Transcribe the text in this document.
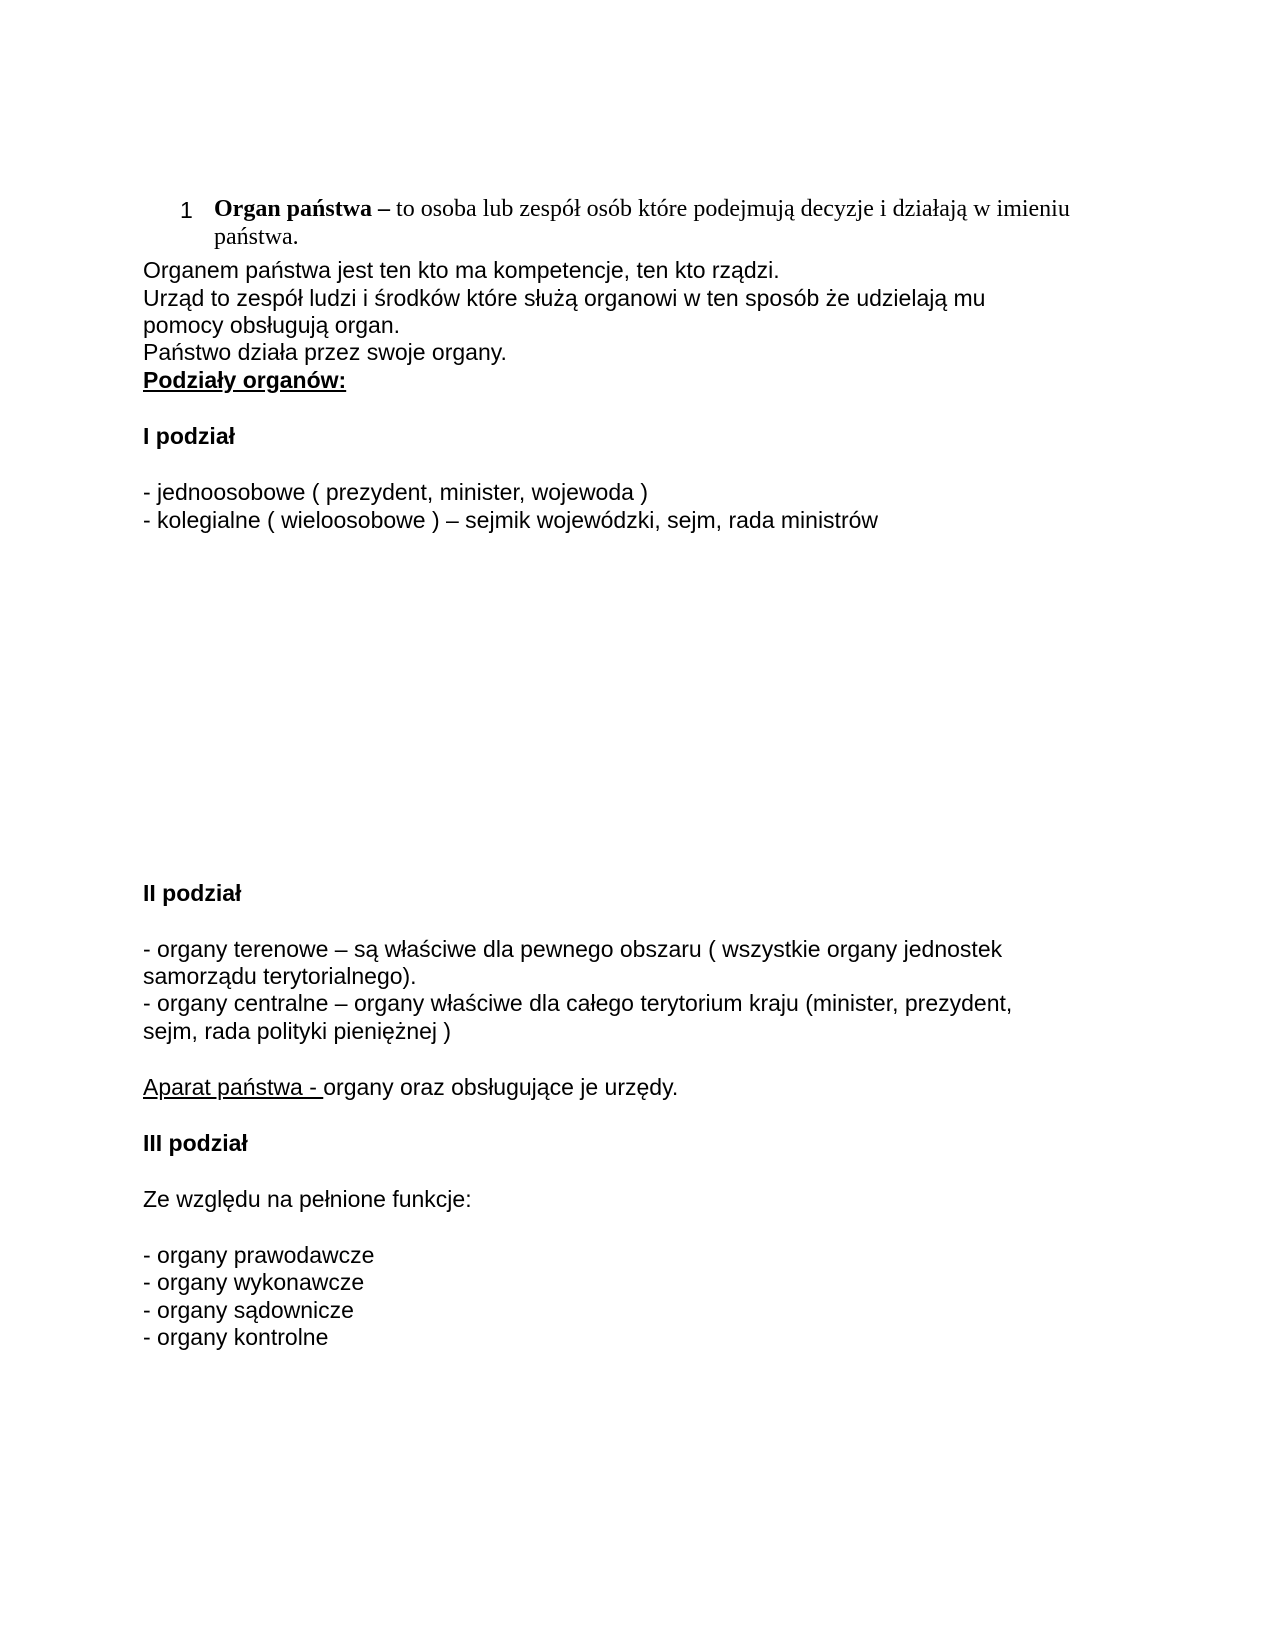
1 Organ państwa – to osoba lub zespół osób które podejmują decyzje i działają w imieniu
państwa.
Organem państwa jest ten kto ma kompetencje, ten kto rządzi.
Urząd to zespół ludzi i środków które służą organowi w ten sposób że udzielają mu
pomocy obsługują organ.
Państwo działa przez swoje organy.
Podziały organów:
I podział
- jednoosobowe ( prezydent, minister, wojewoda )
- kolegialne ( wieloosobowe ) – sejmik wojewódzki, sejm, rada ministrów
II podział
- organy terenowe – są właściwe dla pewnego obszaru ( wszystkie organy jednostek
samorządu terytorialnego).
- organy centralne – organy właściwe dla całego terytorium kraju (minister, prezydent,
sejm, rada polityki pieniężnej )
Aparat państwa - organy oraz obsługujące je urzędy.
III podział
Ze względu na pełnione funkcje:
- organy prawodawcze
- organy wykonawcze
- organy sądownicze
- organy kontrolne
